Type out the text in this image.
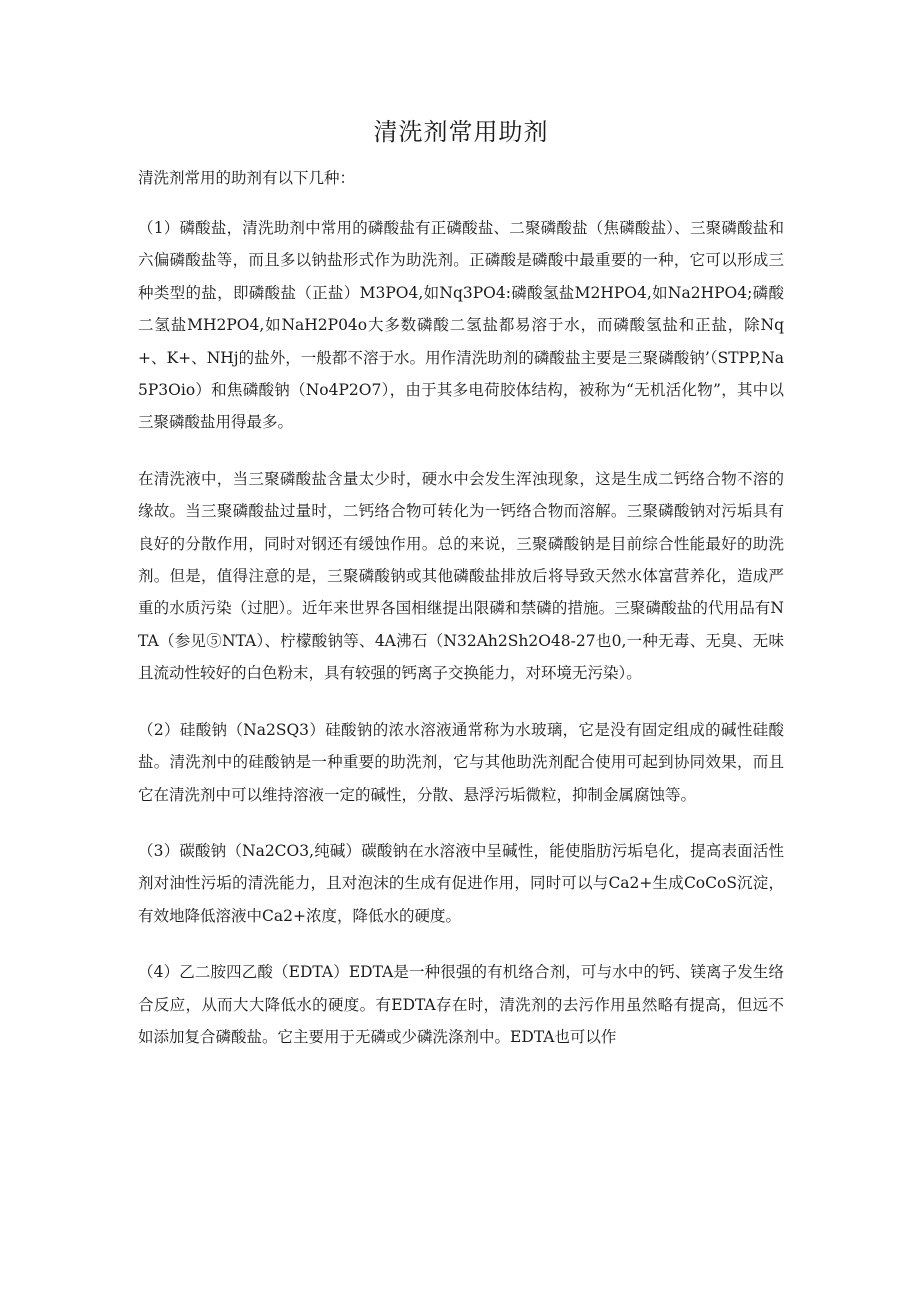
清洗剂常用助剂

清洗剂常用的助剂有以下几种：

（1）磷酸盐，清洗助剂中常用的磷酸盐有正磷酸盐、二聚磷酸盐（焦磷酸盐）、三聚磷酸盐和六偏磷酸盐等，而且多以钠盐形式作为助洗剂。正磷酸是磷酸中最重要的一种，它可以形成三种类型的盐，即磷酸盐（正盐）M3PO4,如Nq3PO4:磷酸氢盐M2HPO4,如Na2HPO4;磷酸二氢盐MH2PO4,如NaH2P04o大多数磷酸二氢盐都易溶于水，而磷酸氢盐和正盐，除Nq+、K+、NHj的盐外，一般都不溶于水。用作清洗助剂的磷酸盐主要是三聚磷酸钠’（STPP,Na5P3Oio）和焦磷酸钠（No4P2O7），由于其多电荷胶体结构，被称为“无机活化物”，其中以三聚磷酸盐用得最多。

在清洗液中，当三聚磷酸盐含量太少时，硬水中会发生浑浊现象，这是生成二钙络合物不溶的缘故。当三聚磷酸盐过量时，二钙络合物可转化为一钙络合物而溶解。三聚磷酸钠对污垢具有良好的分散作用，同时对钢还有缓蚀作用。总的来说，三聚磷酸钠是目前综合性能最好的助洗剂。但是，值得注意的是，三聚磷酸钠或其他磷酸盐排放后将导致天然水体富营养化，造成严重的水质污染（过肥）。近年来世界各国相继提出限磷和禁磷的措施。三聚磷酸盐的代用品有NTA（参见⑤NTA）、柠檬酸钠等、4A沸石（N32Ah2Sh2O48-27也0,一种无毒、无臭、无味且流动性较好的白色粉末，具有较强的钙离子交换能力，对环境无污染）。

（2）硅酸钠（Na2SQ3）硅酸钠的浓水溶液通常称为水玻璃，它是没有固定组成的碱性硅酸盐。清洗剂中的硅酸钠是一种重要的助洗剂，它与其他助洗剂配合使用可起到协同效果，而且它在清洗剂中可以维持溶液一定的碱性，分散、悬浮污垢微粒，抑制金属腐蚀等。

（3）碳酸钠（Na2CO3,纯碱）碳酸钠在水溶液中呈碱性，能使脂肪污垢皂化，提高表面活性剂对油性污垢的清洗能力，且对泡沫的生成有促进作用，同时可以与Ca2+生成CoCoS沉淀，有效地降低溶液中Ca2+浓度，降低水的硬度。

（4）乙二胺四乙酸（EDTA）EDTA是一种很强的有机络合剂，可与水中的钙、镁离子发生络合反应，从而大大降低水的硬度。有EDTA存在时，清洗剂的去污作用虽然略有提高，但远不如添加复合磷酸盐。它主要用于无磷或少磷洗涤剂中。EDTA也可以作
